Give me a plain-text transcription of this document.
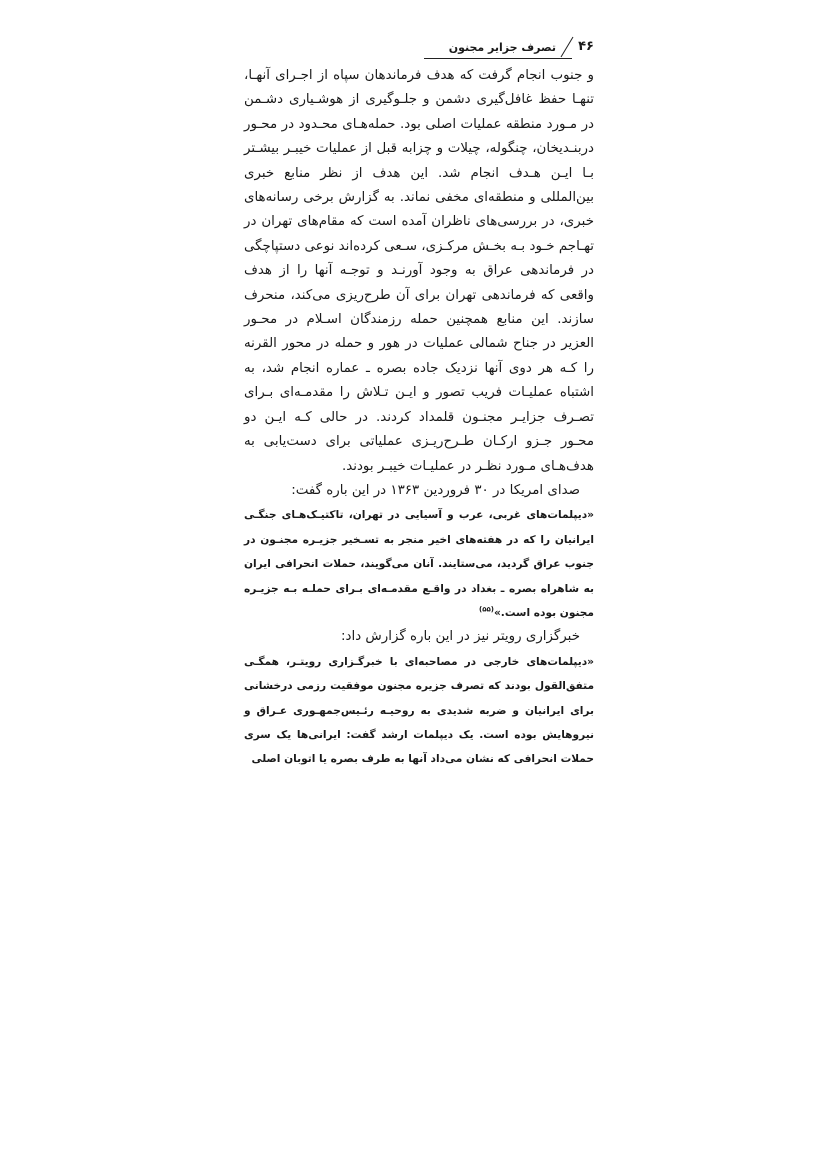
۴۶
تصرف جزایر مجنون

و جنوب انجام گرفت که هدف فرماندهان سپاه از اجـرای آنهـا، تنهـا حفظ غافل‌گیری دشمن و جلـوگیری از هوشـیاری دشـمن در مـورد منطقه عملیات اصلی بود. حمله‌هـای محـدود در محـور دربنـدیخان، چنگوله، چیلات و چزابه قبل از عملیات خیبـر بیشـتر بـا ایـن هـدف انجام شد. این هدف از نظر منابع خبری بین‌المللی و منطقه‌ای مخفی نماند. به گزارش برخی رسانه‌های خبری، در بررسی‌های ناظران آمده است که مقام‌های تهران در تهـاجم خـود بـه بخـش مرکـزی، سـعی کرده‌اند نوعی دستپاچگی در فرماندهی عراق به وجود آورنـد و توجـه آنها را از هدف واقعی که فرماندهی تهران برای آن طرح‌ریزی می‌کند، منحرف سازند. این منابع همچنین حمله رزمندگان اسـلام در محـور العزیر در جناح شمالی عملیات در هور و حمله در محور القرنه را کـه هر دوی آنها نزدیک جاده بصره ـ عماره انجام شد، به اشتباه عملیـات فریب تصور و ایـن تـلاش را مقدمـه‌ای بـرای تصـرف جزایـر مجنـون قلمداد کردند. در حالی کـه ایـن دو محـور جـزو ارکـان طـرح‌ریـزی عملیاتی برای دست‌یابی به هدف‌هـای مـورد نظـر در عملیـات خیبـر بودند.

صدای امریکا در ۳۰ فروردین ۱۳۶۳ در این باره گفت:

«دیپلمات‌های غربی، عرب و آسیایی در تهران، تاکتیـک‌هـای جنگـی ایرانیان را که در هفته‌های اخیر منجر به تسـخیر جزیـره مجنـون در جنوب عراق گردید، می‌ستایند. آنان می‌گویند، حملات انحرافی ایران به شاهراه بصره ـ بغداد در واقـع مقدمـه‌ای بـرای حملـه بـه جزیـره مجنون بوده است.»$^{(۵۵)}$

خبرگزاری رویتر نیز در این باره گزارش داد:

«دیپلمات‌های خارجی در مصاحبه‌ای با خبرگـزاری رویتـر، همگـی متفق‌القول بودند که تصرف جزیره مجنون موفقیت رزمی درخشانی برای ایرانیان و ضربه شدیدی به روحیـه رئـیس‌جمهـوری عـراق و نیروهایش بوده است. یک دیپلمات ارشد گفت: ایرانی‌ها یک سری حملات انحرافی که نشان می‌داد آنها به طرف بصره یا اتوبان اصلی
